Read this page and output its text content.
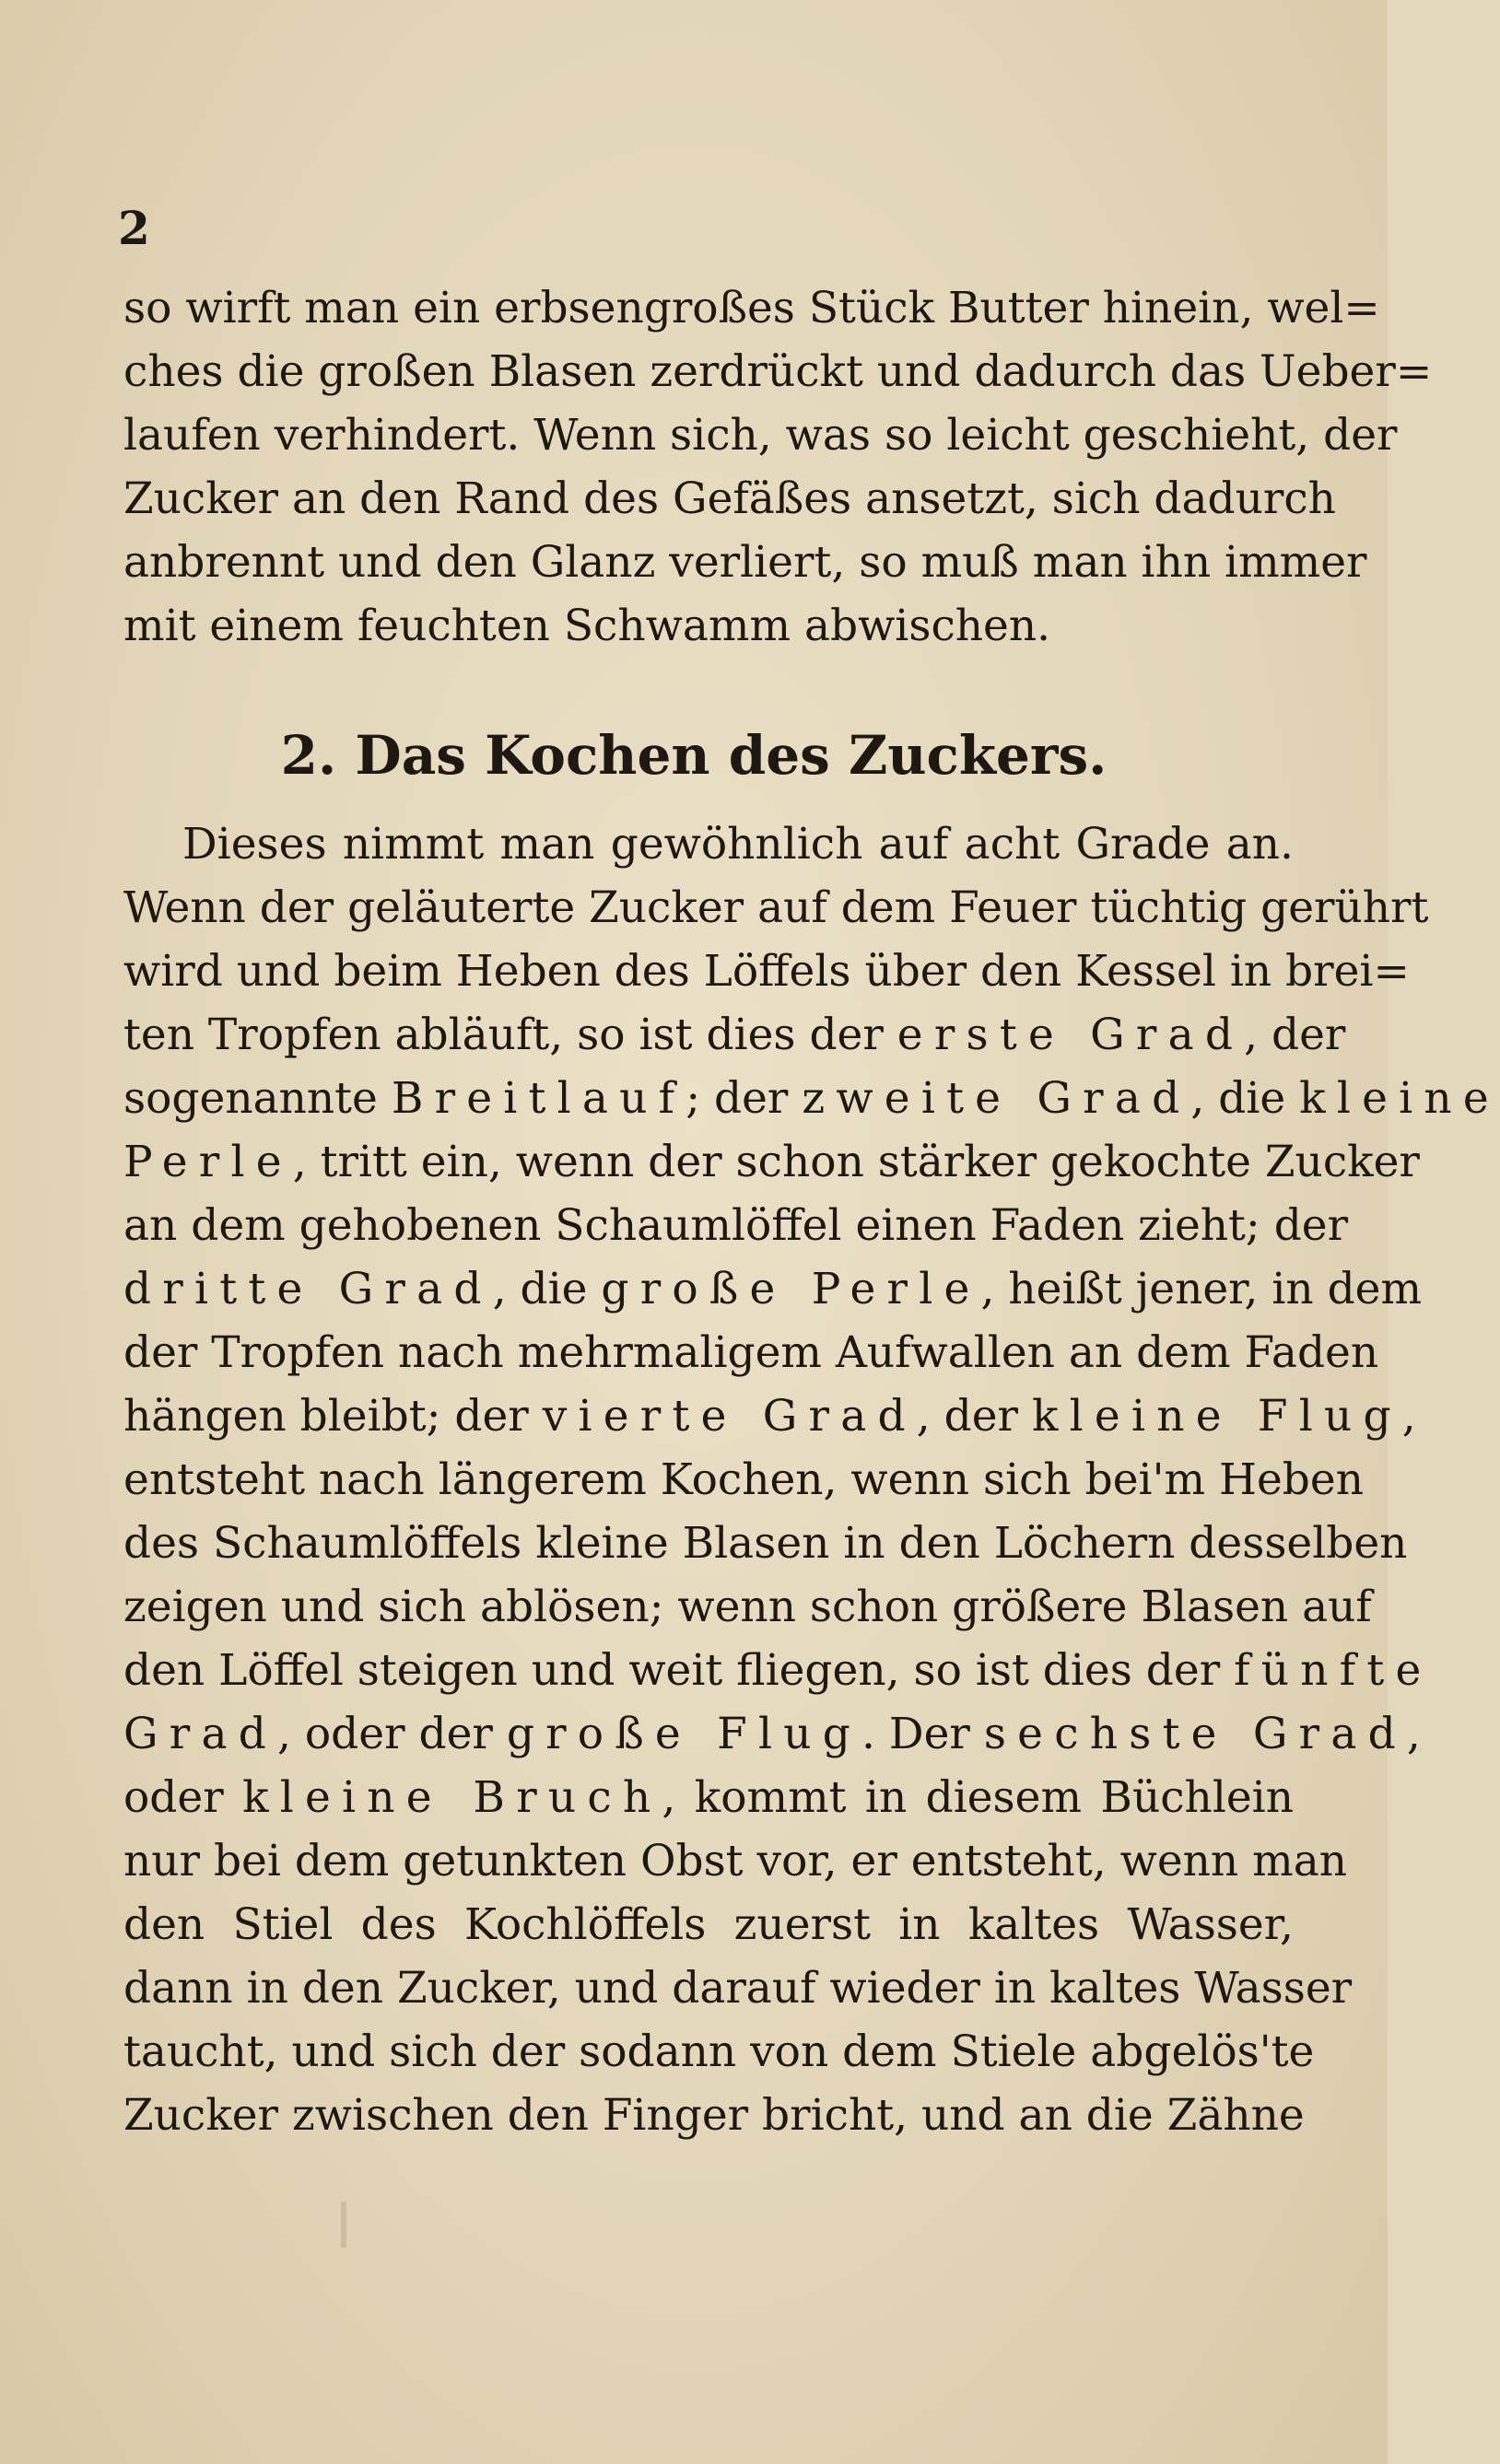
2
so wirft man ein erbsengroßes Stück Butter hinein, wel=
ches die großen Blasen zerdrückt und dadurch das Ueber=
laufen verhindert. Wenn sich, was so leicht geschieht, der
Zucker an den Rand des Gefäßes ansetzt, sich dadurch
anbrennt und den Glanz verliert, so muß man ihn immer
mit einem feuchten Schwamm abwischen.
2. Das Kochen des Zuckers.
Dieses nimmt man gewöhnlich auf acht Grade an.
Wenn der geläuterte Zucker auf dem Feuer tüchtig gerührt
wird und beim Heben des Löffels über den Kessel in brei=
ten Tropfen abläuft, so ist dies der erste Grad, der
sogenannte Breitlauf; der zweite Grad, die kleine
Perle, tritt ein, wenn der schon stärker gekochte Zucker
an dem gehobenen Schaumlöffel einen Faden zieht; der
dritte Grad, die große Perle, heißt jener, in dem
der Tropfen nach mehrmaligem Aufwallen an dem Faden
hängen bleibt; der vierte Grad, der kleine Flug,
entsteht nach längerem Kochen, wenn sich bei'm Heben
des Schaumlöffels kleine Blasen in den Löchern desselben
zeigen und sich ablösen; wenn schon größere Blasen auf
den Löffel steigen und weit fliegen, so ist dies der fünfte
Grad, oder der große Flug. Der sechste Grad,
oder kleine Bruch, kommt in diesem Büchlein
nur bei dem getunkten Obst vor, er entsteht, wenn man
den Stiel des Kochlöffels zuerst in kaltes Wasser,
dann in den Zucker, und darauf wieder in kaltes Wasser
taucht, und sich der sodann von dem Stiele abgelös'te
Zucker zwischen den Finger bricht, und an die Zähne
